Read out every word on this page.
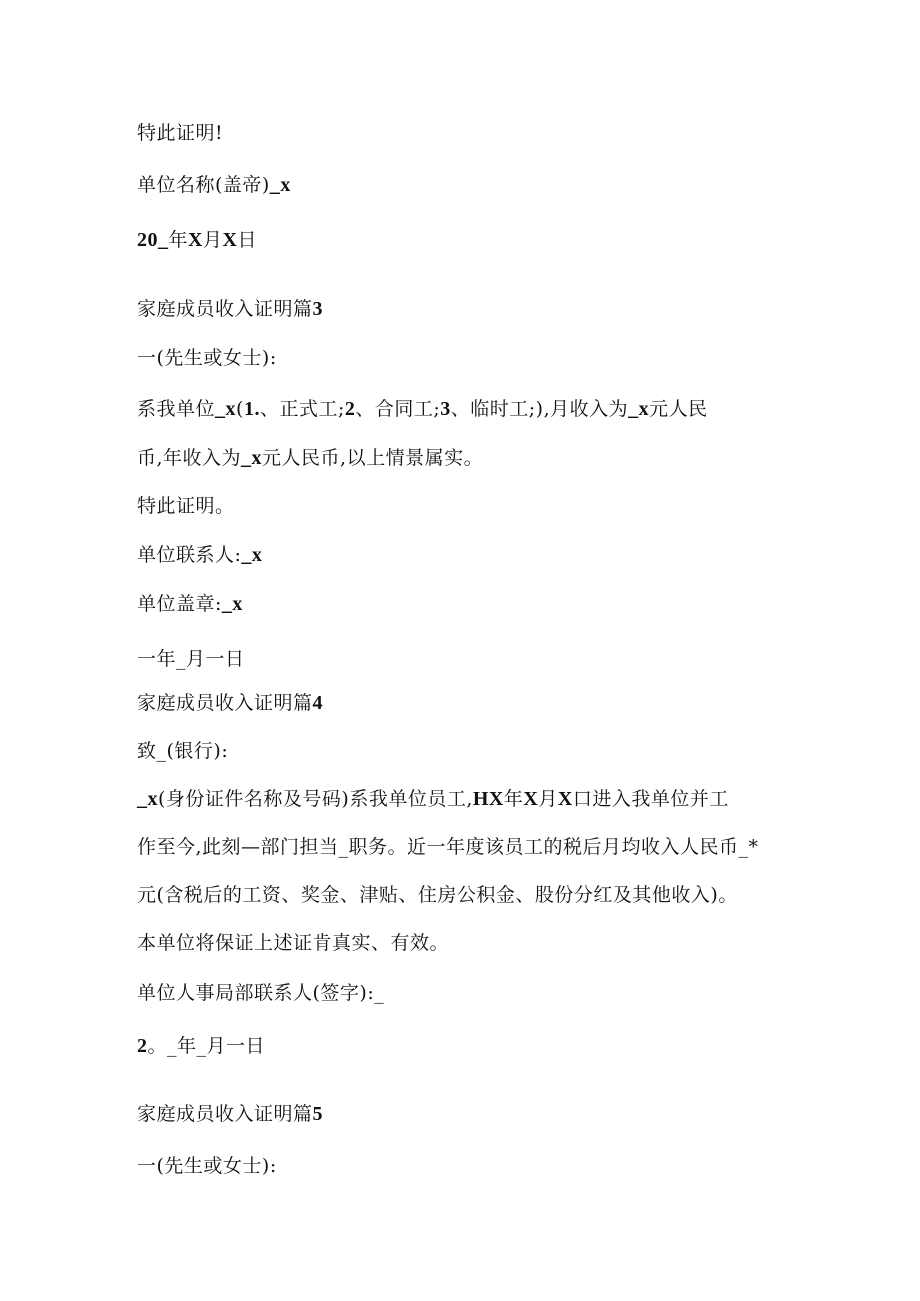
特此证明!
单位名称(盖帝)_x
20_年X月X日
家庭成员收入证明篇3
一(先生或女士):
系我单位_x(1.、正式工;2、合同工;3、临时工;),月收入为_x元人民
币,年收入为_x元人民币,以上情景属实。
特此证明。
单位联系人:_x
单位盖章:_x
一年_月一日
家庭成员收入证明篇4
致_(银行):
_x(身份证件名称及号码)系我单位员工,HX年X月X口进入我单位并工
作至今,此刻—部门担当_职务。近一年度该员工的税后月均收入人民币_*
元(含税后的工资、奖金、津贴、住房公积金、股份分红及其他收入)。
本单位将保证上述证肯真实、有效。
单位人事局部联系人(签字):_
2。_年_月一日
家庭成员收入证明篇5
一(先生或女士):
